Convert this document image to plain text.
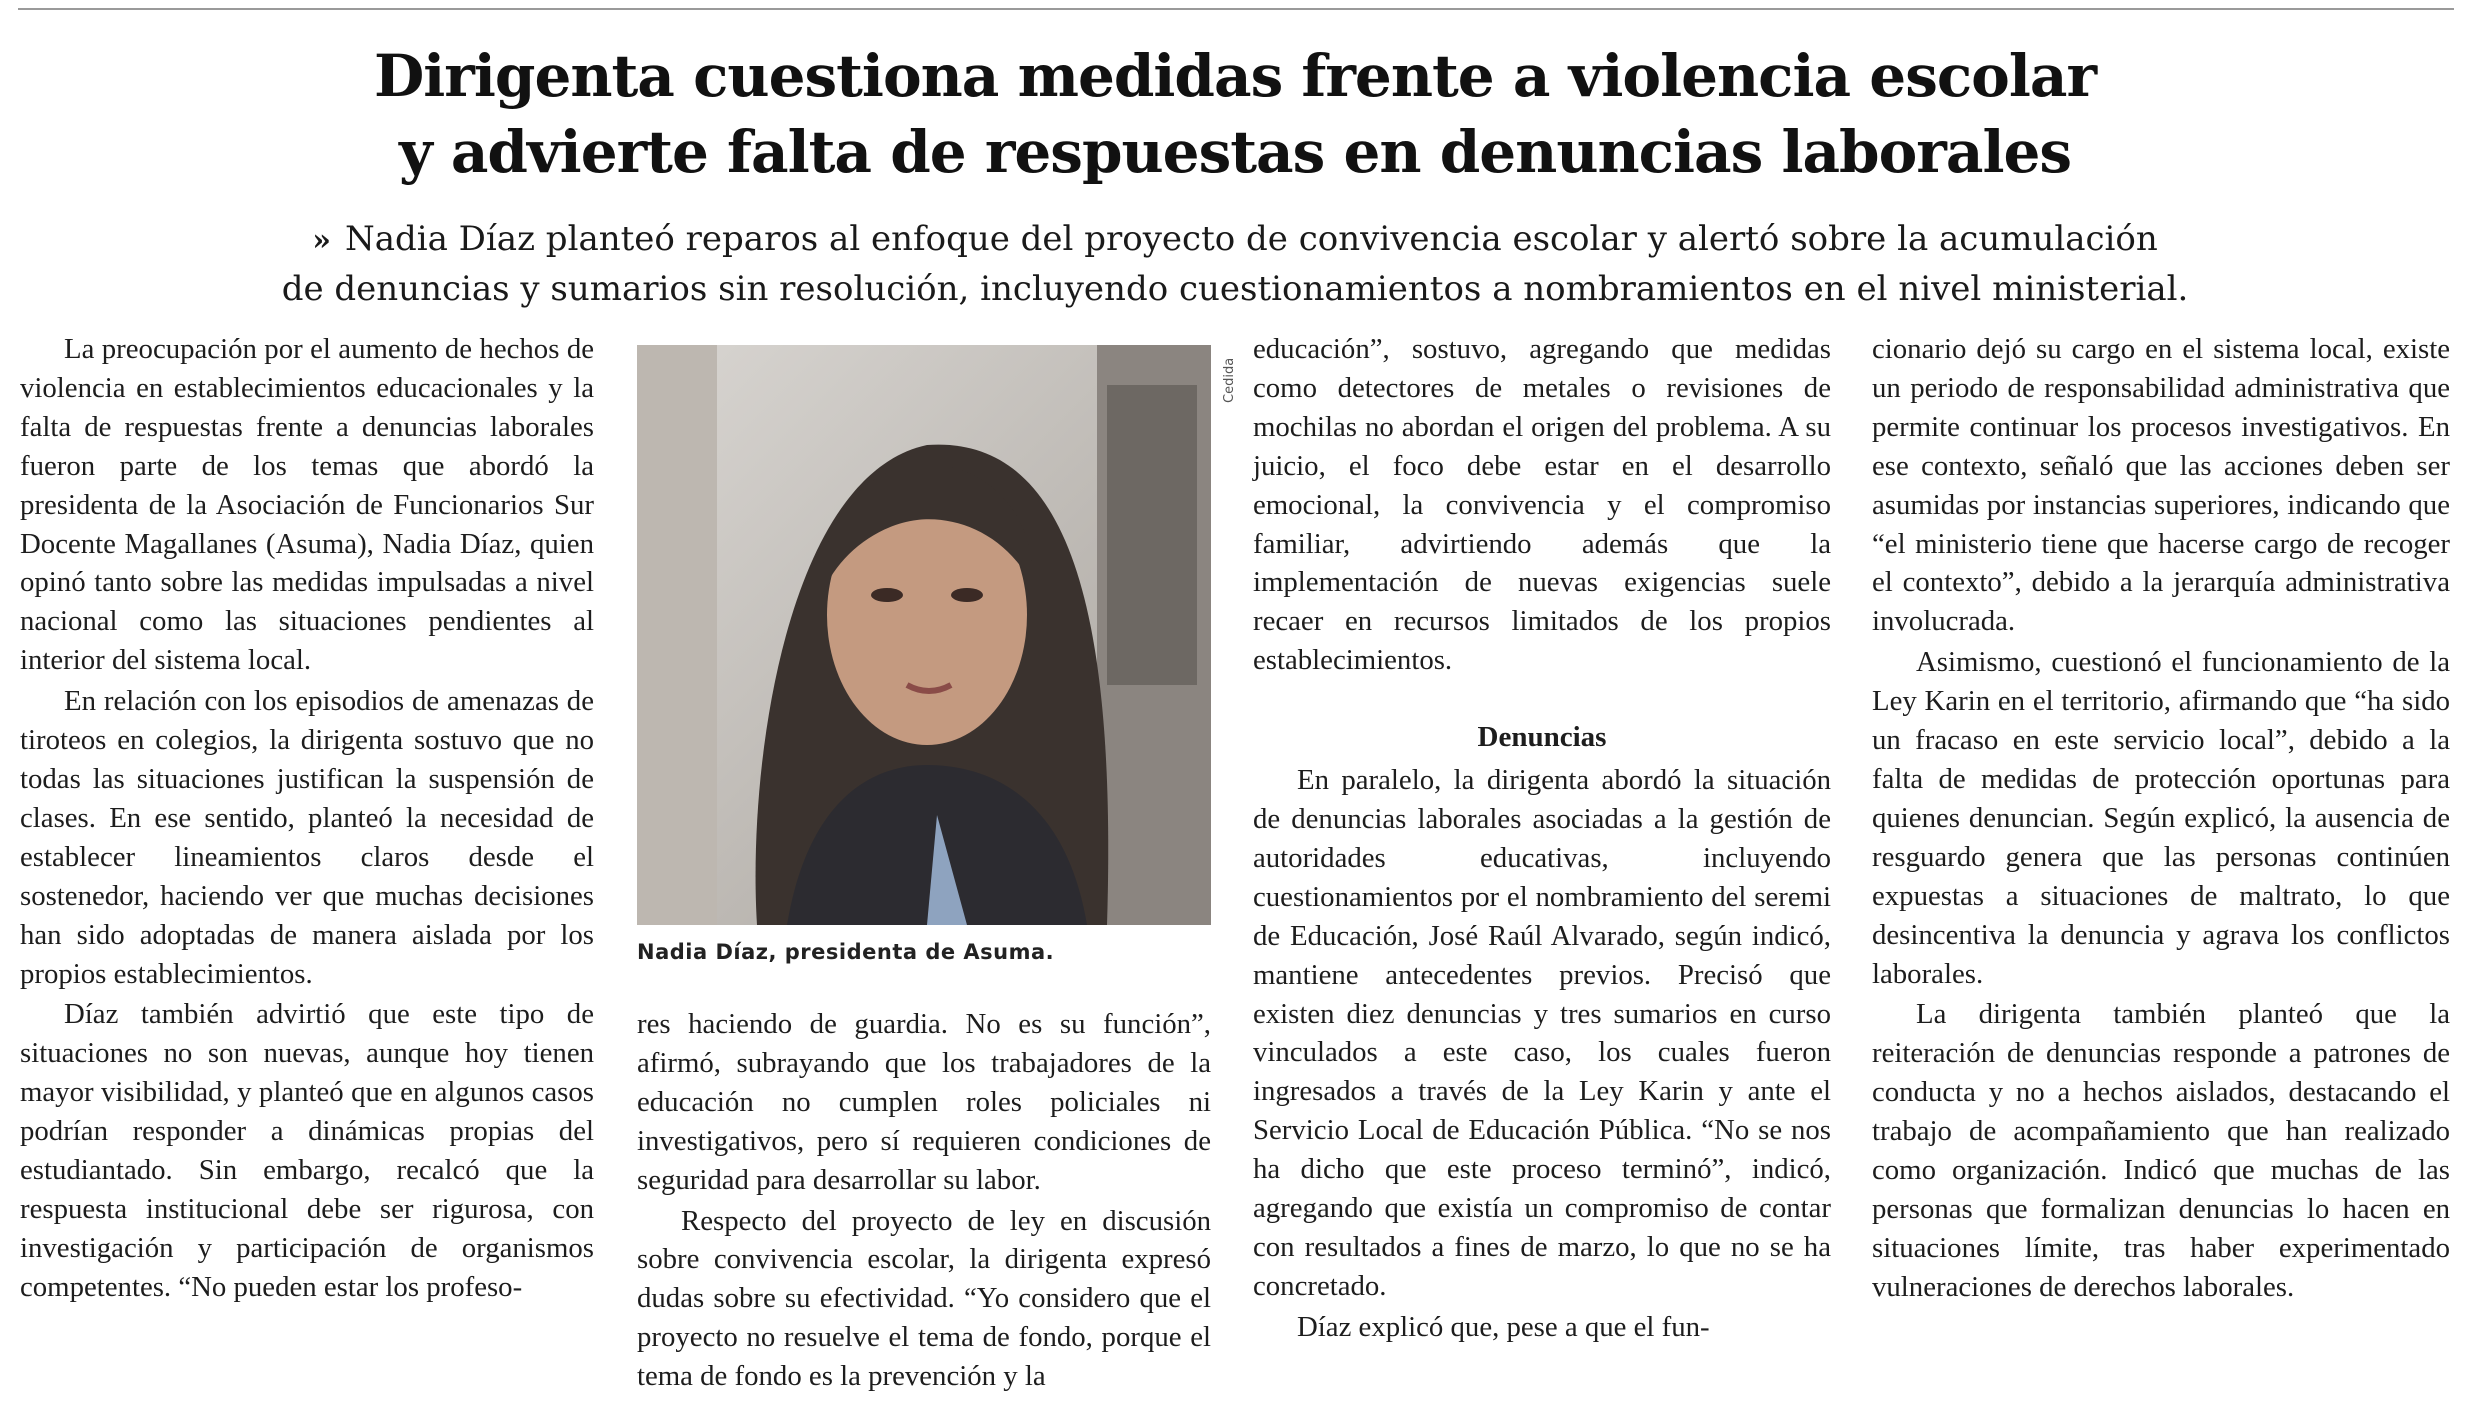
Dirigenta cuestiona medidas frente a violencia escolar
y advierte falta de respuestas en denuncias laborales
» Nadia Díaz planteó reparos al enfoque del proyecto de convivencia escolar y alertó sobre la acumulación
de denuncias y sumarios sin resolución, incluyendo cuestionamientos a nombramientos en el nivel ministerial.

La preocupación por el aumento de hechos de violencia en establecimientos educacionales y la falta de respuestas frente a denuncias laborales fueron parte de los temas que abordó la presidenta de la Asociación de Funcionarios Sur Docente Magallanes (Asuma), Nadia Díaz, quien opinó tanto sobre las medidas impulsadas a nivel nacional como las situaciones pendientes al interior del sistema local.

En relación con los episodios de amenazas de tiroteos en colegios, la dirigenta sostuvo que no todas las situaciones justifican la suspensión de clases. En ese sentido, planteó la necesidad de establecer lineamientos claros desde el sostenedor, haciendo ver que muchas decisiones han sido adoptadas de manera aislada por los propios establecimientos.

Díaz también advirtió que este tipo de situaciones no son nuevas, aunque hoy tienen mayor visibilidad, y planteó que en algunos casos podrían responder a dinámicas propias del estudiantado. Sin embargo, recalcó que la respuesta institucional debe ser rigurosa, con investigación y participación de organismos competentes. “No pueden estar los profeso-

Cedida
Nadia Díaz, presidenta de Asuma.

res haciendo de guardia. No es su función”, afirmó, subrayando que los trabajadores de la educación no cumplen roles policiales ni investigativos, pero sí requieren condiciones de seguridad para desarrollar su labor.

Respecto del proyecto de ley en discusión sobre convivencia escolar, la dirigenta expresó dudas sobre su efectividad. “Yo considero que el proyecto no resuelve el tema de fondo, porque el tema de fondo es la prevención y la

educación”, sostuvo, agregando que medidas como detectores de metales o revisiones de mochilas no abordan el origen del problema. A su juicio, el foco debe estar en el desarrollo emocional, la convivencia y el compromiso familiar, advirtiendo además que la implementación de nuevas exigencias suele recaer en recursos limitados de los propios establecimientos.

Denuncias

En paralelo, la dirigenta abordó la situación de denuncias laborales asociadas a la gestión de autoridades educativas, incluyendo cuestionamientos por el nombramiento del seremi de Educación, José Raúl Alvarado, según indicó, mantiene antecedentes previos. Precisó que existen diez denuncias y tres sumarios en curso vinculados a este caso, los cuales fueron ingresados a través de la Ley Karin y ante el Servicio Local de Educación Pública. “No se nos ha dicho que este proceso terminó”, indicó, agregando que existía un compromiso de contar con resultados a fines de marzo, lo que no se ha concretado.

Díaz explicó que, pese a que el fun-

cionario dejó su cargo en el sistema local, existe un periodo de responsabilidad administrativa que permite continuar los procesos investigativos. En ese contexto, señaló que las acciones deben ser asumidas por instancias superiores, indicando que “el ministerio tiene que hacerse cargo de recoger el contexto”, debido a la jerarquía administrativa involucrada.

Asimismo, cuestionó el funcionamiento de la Ley Karin en el territorio, afirmando que “ha sido un fracaso en este servicio local”, debido a la falta de medidas de protección oportunas para quienes denuncian. Según explicó, la ausencia de resguardo genera que las personas continúen expuestas a situaciones de maltrato, lo que desincentiva la denuncia y agrava los conflictos laborales.

La dirigenta también planteó que la reiteración de denuncias responde a patrones de conducta y no a hechos aislados, destacando el trabajo de acompañamiento que han realizado como organización. Indicó que muchas de las personas que formalizan denuncias lo hacen en situaciones límite, tras haber experimentado vulneraciones de derechos laborales.
